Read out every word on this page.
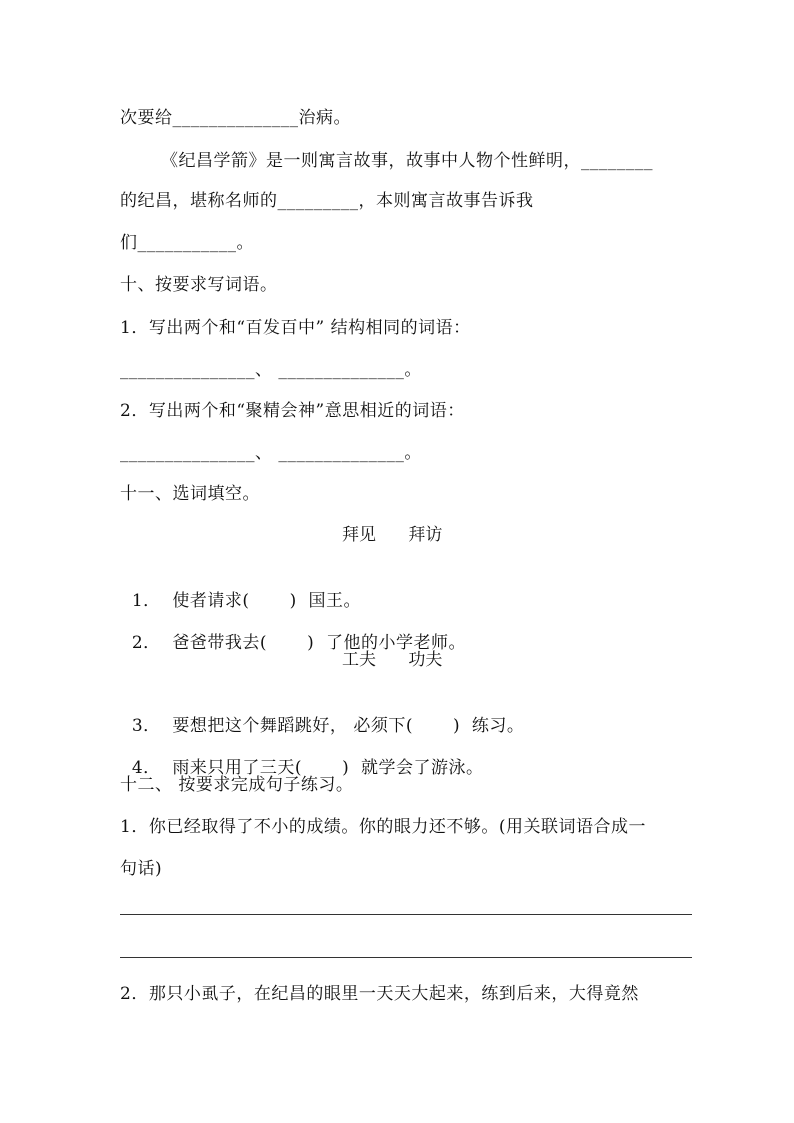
次要给______________治病。
《纪昌学箭》是一则寓言故事，故事中人物个性鲜明，________
的纪昌，堪称名师的_________，本则寓言故事告诉我
们___________。
十、按要求写词语。
1．写出两个和“百发百中” 结构相同的词语：
_______________、 ______________。
2．写出两个和“聚精会神”意思相近的词语：
_______________、 ______________。
十一、选词填空。
拜见      拜访

1．  使者请求( )  国王。

2．  爸爸带我去( )  了他的小学老师。

工夫      功夫

3．  要想把这个舞蹈跳好， 必须下( )  练习。

4．  雨来只用了三天( )  就学会了游泳。

十二、 按要求完成句子练习。
1．你已经取得了不小的成绩。你的眼力还不够。(用关联词语合成一
句话)
2．那只小虱子，在纪昌的眼里一天天大起来，练到后来，大得竟然
